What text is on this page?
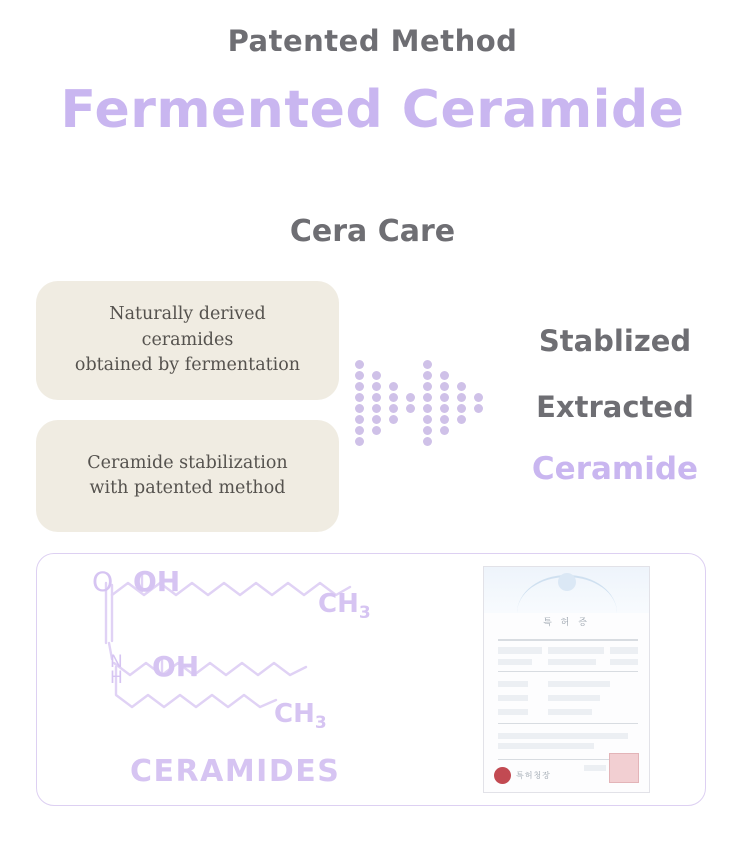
Patented Method
Fermented Ceramide
Cera Care
Naturally derived
ceramides
obtained by fermentation
Ceramide stabilization
with patented method
Stablized
Extracted
Ceramide
O OH
$CH_3$
N
H OH
$CH_3$
CERAMIDES
특 허 증
특허청장
